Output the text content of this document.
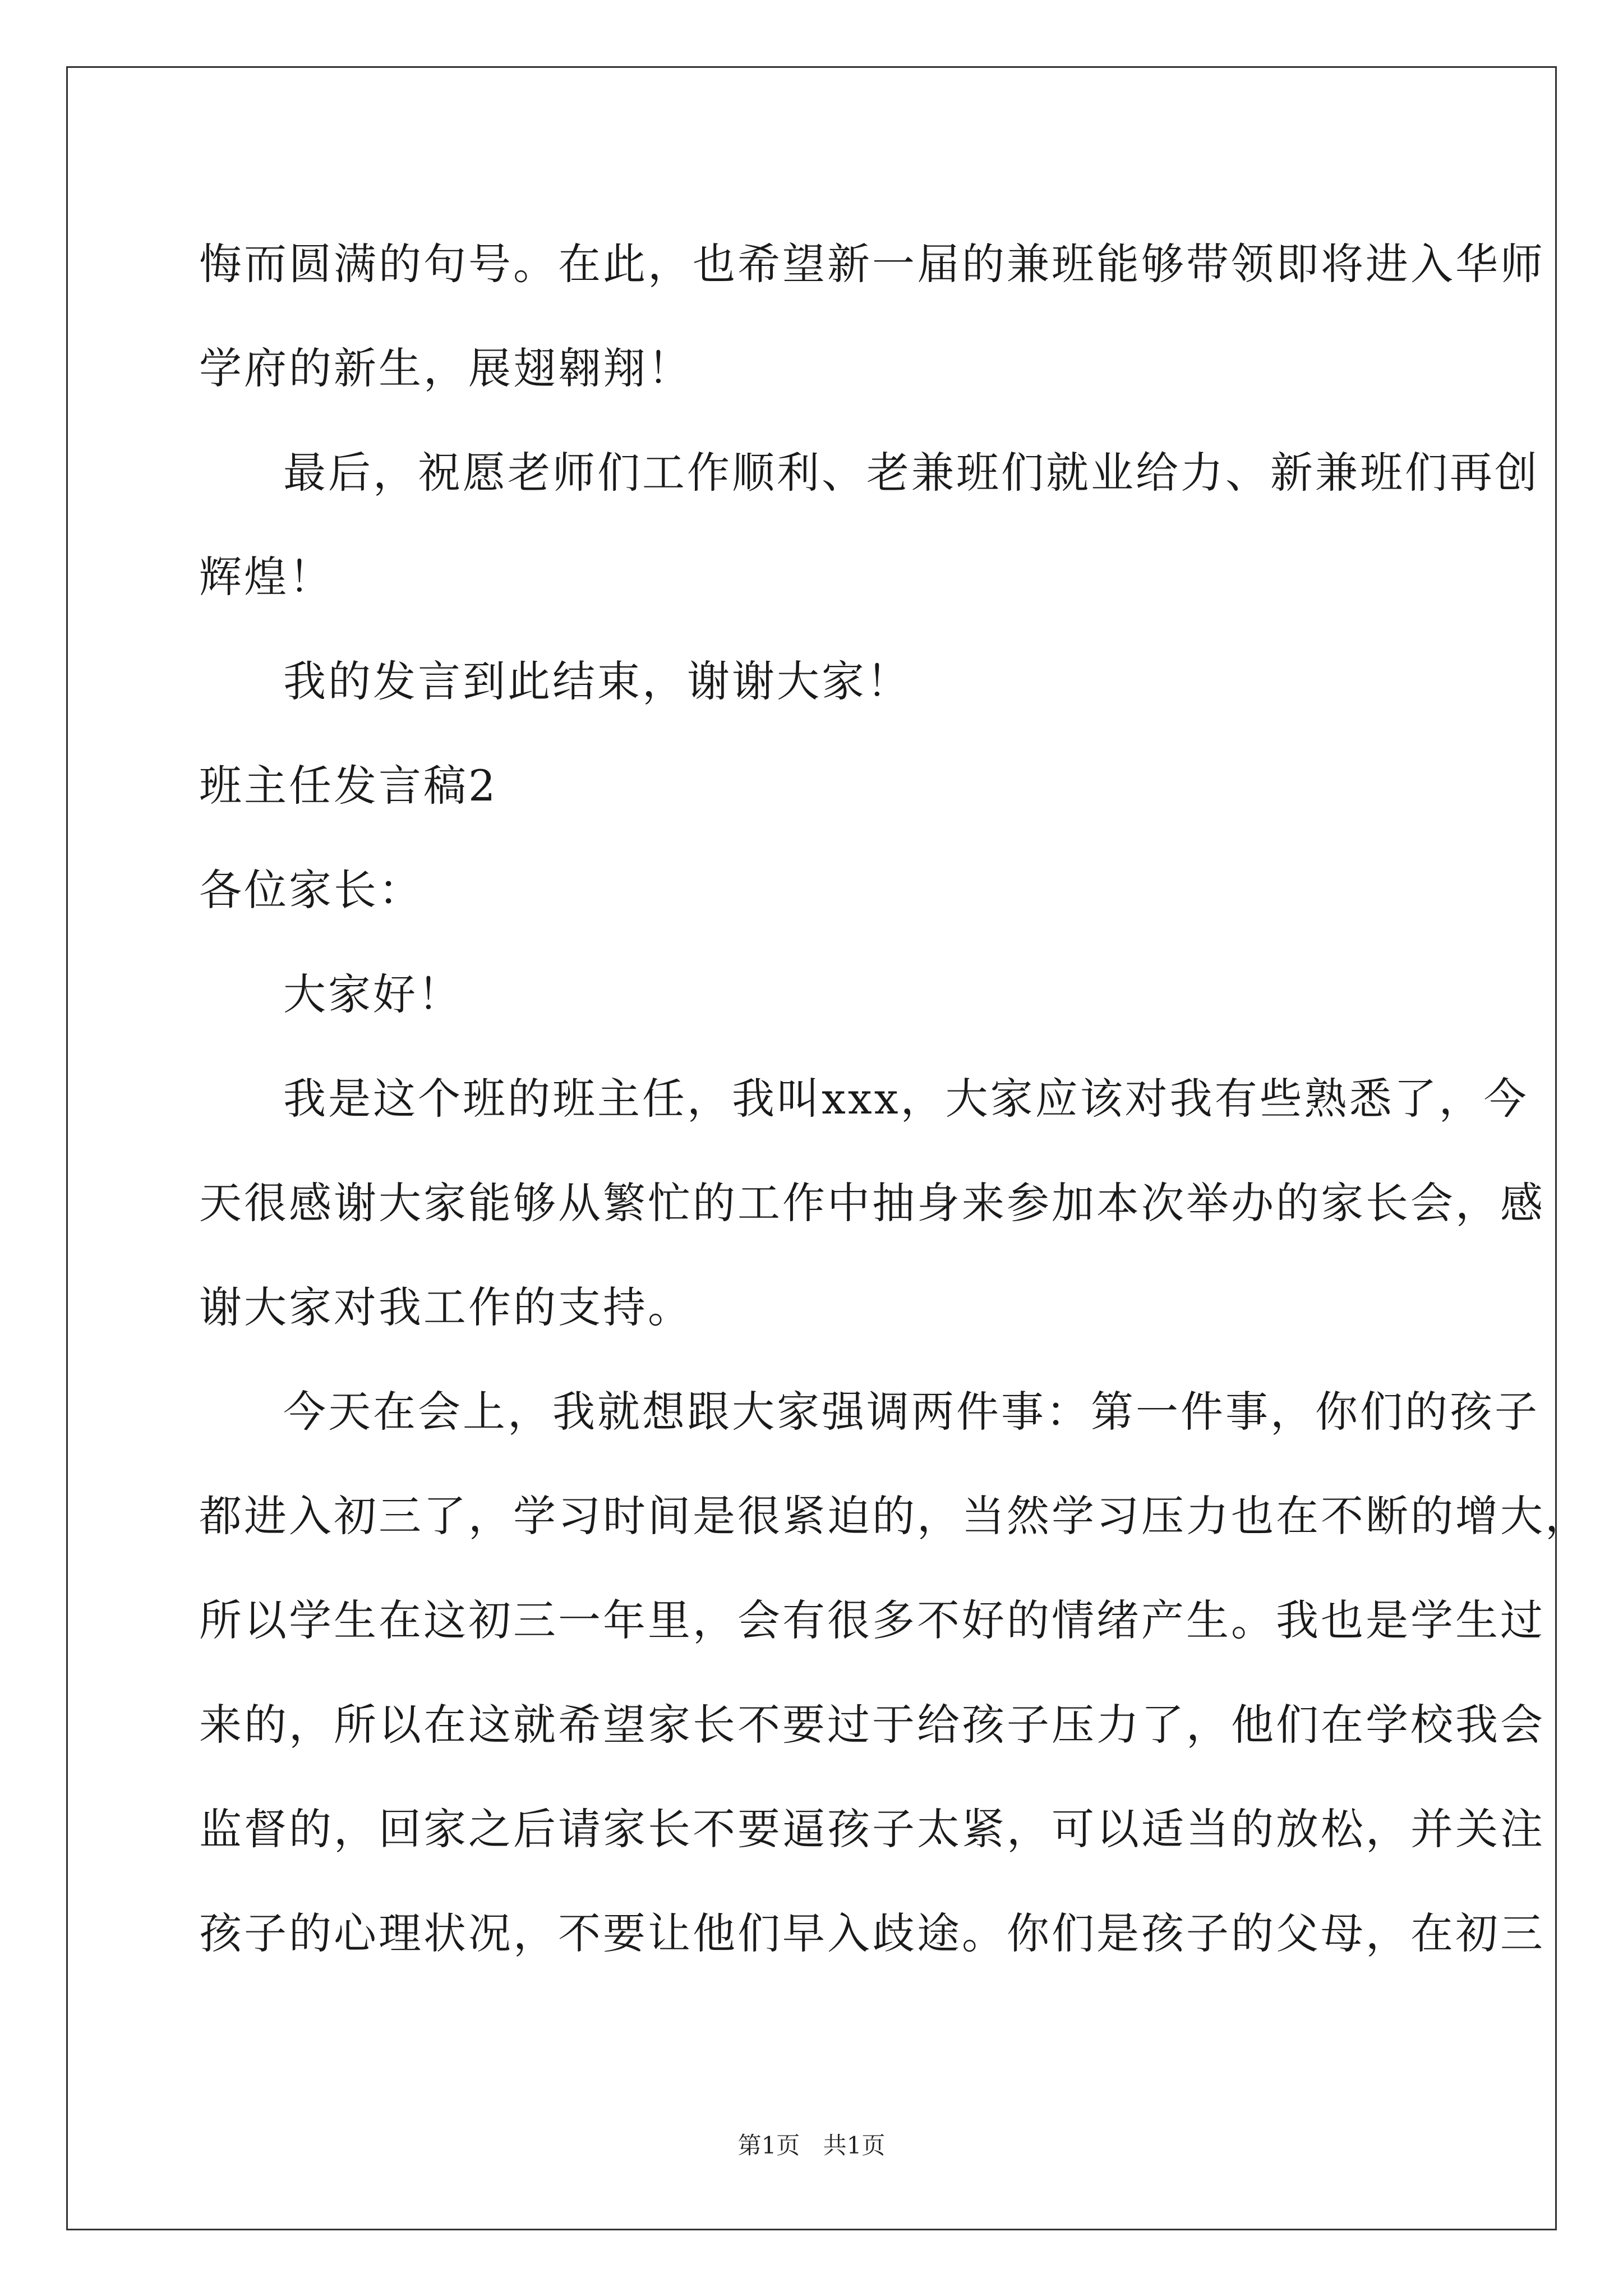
悔而圆满的句号。在此，也希望新一届的兼班能够带领即将进入华师
学府的新生，展翅翱翔！
最后，祝愿老师们工作顺利、老兼班们就业给力、新兼班们再创
辉煌！
我的发言到此结束，谢谢大家！
班主任发言稿2
各位家长：
大家好！
我是这个班的班主任，我叫xxx，大家应该对我有些熟悉了，今
天很感谢大家能够从繁忙的工作中抽身来参加本次举办的家长会，感
谢大家对我工作的支持。
今天在会上，我就想跟大家强调两件事：第一件事，你们的孩子
都进入初三了，学习时间是很紧迫的，当然学习压力也在不断的增大，
所以学生在这初三一年里，会有很多不好的情绪产生。我也是学生过
来的，所以在这就希望家长不要过于给孩子压力了，他们在学校我会
监督的，回家之后请家长不要逼孩子太紧，可以适当的放松，并关注
孩子的心理状况，不要让他们早入歧途。你们是孩子的父母，在初三
第1页 共1页
